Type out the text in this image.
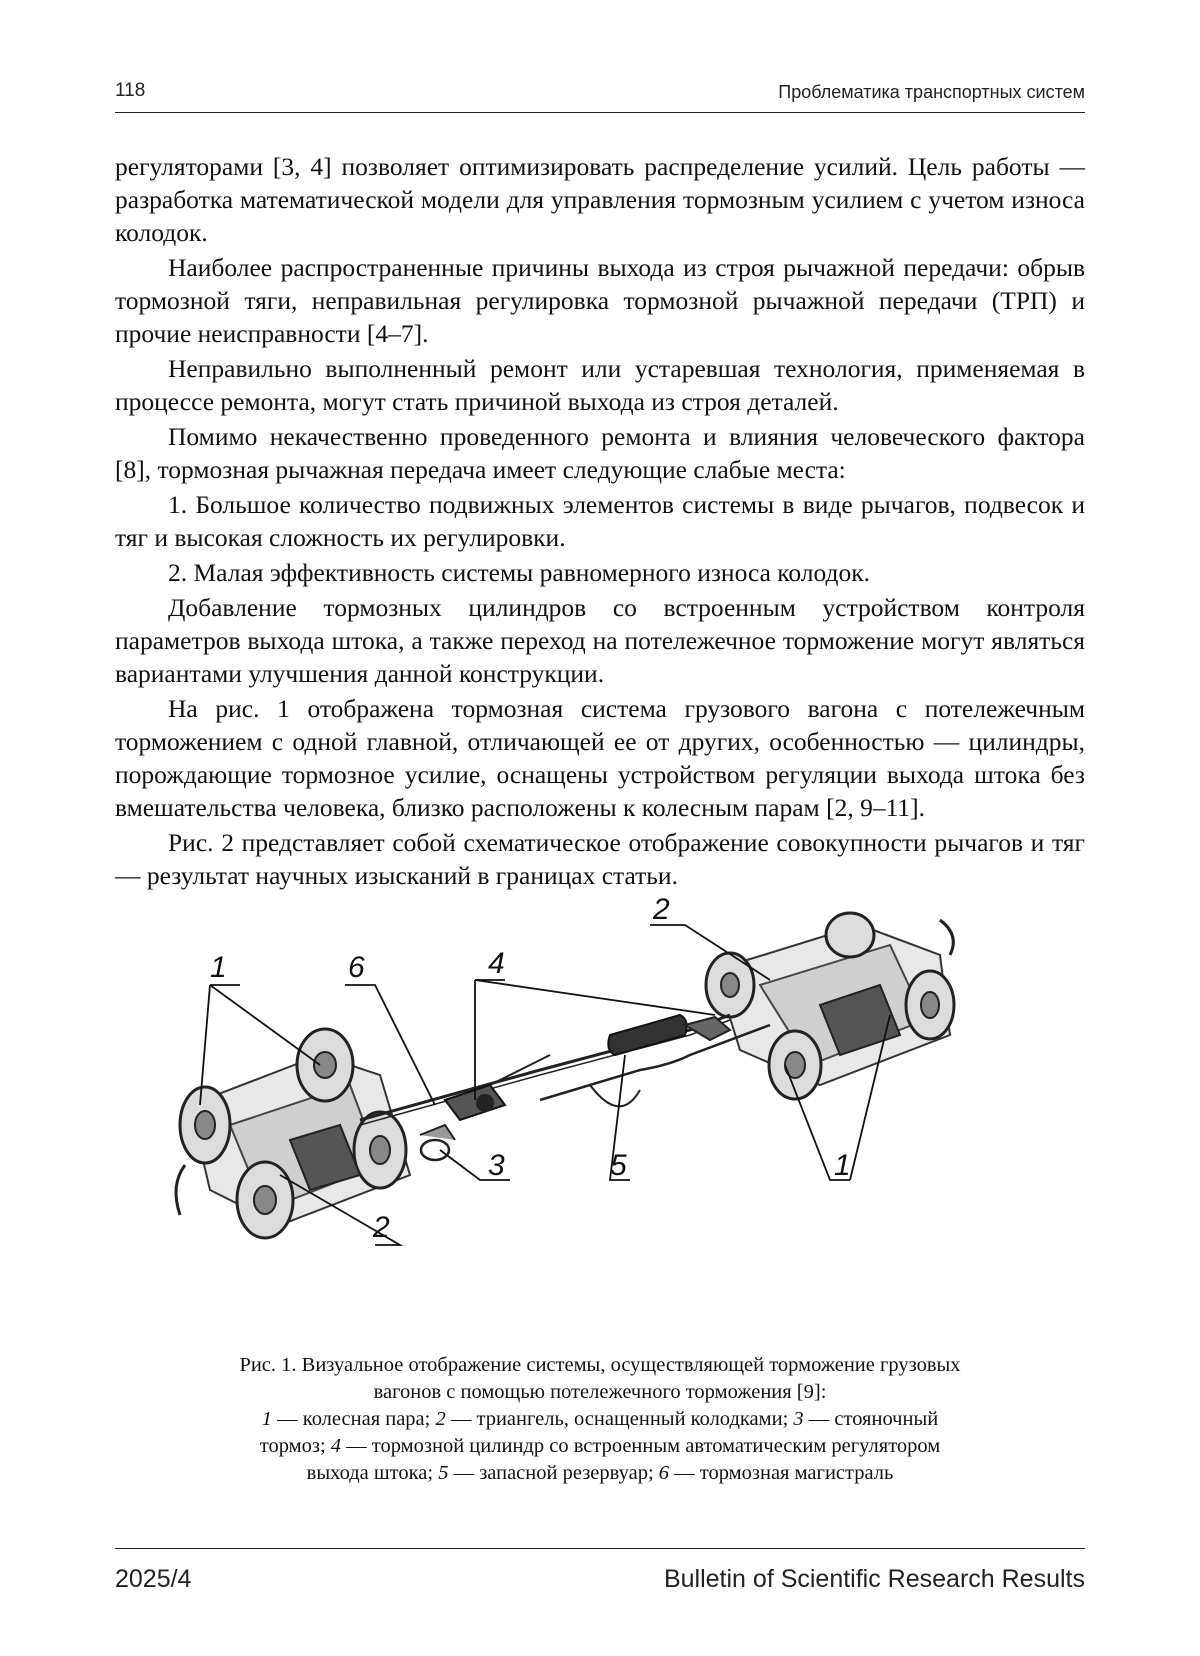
118	Проблематика транспортных систем

регуляторами [3, 4] позволяет оптимизировать распределение усилий. Цель работы — разработка математической модели для управления тормозным усилием с учетом износа колодок.

Наиболее распространенные причины выхода из строя рычажной передачи: обрыв тормозной тяги, неправильная регулировка тормозной рычажной передачи (ТРП) и прочие неисправности [4–7].

Неправильно выполненный ремонт или устаревшая технология, применяемая в процессе ремонта, могут стать причиной выхода из строя деталей.

Помимо некачественно проведенного ремонта и влияния человеческого фактора [8], тормозная рычажная передача имеет следующие слабые места:

1. Большое количество подвижных элементов системы в виде рычагов, подвесок и тяг и высокая сложность их регулировки.

2. Малая эффективность системы равномерного износа колодок.

Добавление тормозных цилиндров со встроенным устройством контроля параметров выхода штока, а также переход на потележечное торможение могут являться вариантами улучшения данной конструкции.

На рис. 1 отображена тормозная система грузового вагона с потележечным торможением с одной главной, отличающей ее от других, особенностью — цилиндры, порождающие тормозное усилие, оснащены устройством регуляции выхода штока без вмешательства человека, близко расположены к колесным парам [2, 9–11].

Рис. 2 представляет собой схематическое отображение совокупности рычагов и тяг — результат научных изысканий в границах статьи.

1	6	4
2
2
3	5	1
Рис. 1. Визуальное отображение системы, осуществляющей торможение грузовых
вагонов с помощью потележечного торможения [9]:
1 — колесная пара; 2 — триангель, оснащенный колодками; 3 — стояночный
тормоз; 4 — тормозной цилиндр со встроенным автоматическим регулятором
выхода штока; 5 — запасной резервуар; 6 — тормозная магистраль
2025/4	Bulletin of Scientific Research Results
